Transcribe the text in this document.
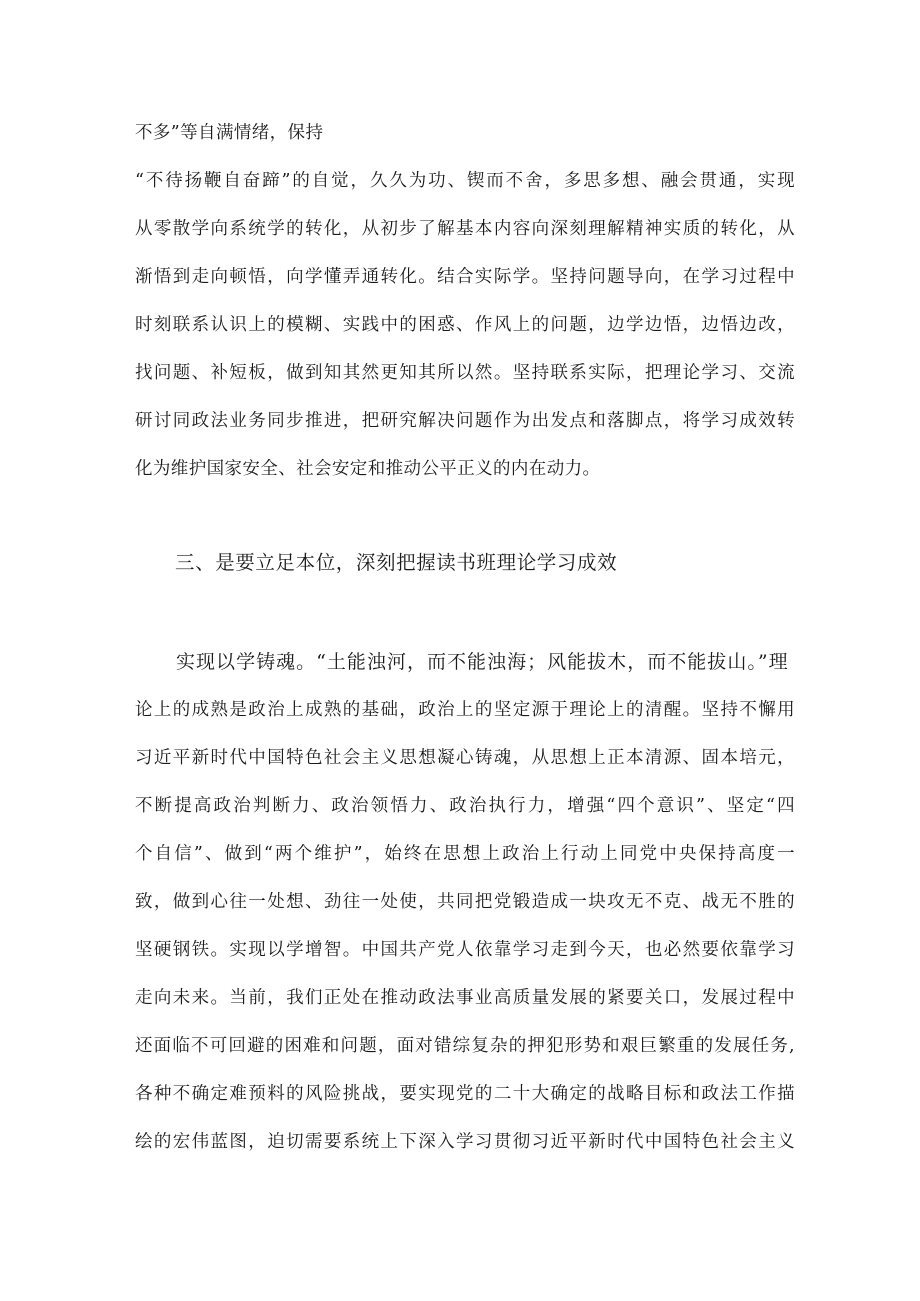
不多”等自满情绪，保持
“不待扬鞭自奋蹄”的自觉，久久为功、锲而不舍，多思多想、融会贯通，实现
从零散学向系统学的转化，从初步了解基本内容向深刻理解精神实质的转化，从
渐悟到走向顿悟，向学懂弄通转化。结合实际学。坚持问题导向，在学习过程中
时刻联系认识上的模糊、实践中的困惑、作风上的问题，边学边悟，边悟边改，
找问题、补短板，做到知其然更知其所以然。坚持联系实际，把理论学习、交流
研讨同政法业务同步推进，把研究解决问题作为出发点和落脚点，将学习成效转
化为维护国家安全、社会安定和推动公平正义的内在动力。
三、是要立足本位，深刻把握读书班理论学习成效
实现以学铸魂。“土能浊河，而不能浊海；风能拔木，而不能拔山。”理
论上的成熟是政治上成熟的基础，政治上的坚定源于理论上的清醒。坚持不懈用
习近平新时代中国特色社会主义思想凝心铸魂，从思想上正本清源、固本培元，
不断提高政治判断力、政治领悟力、政治执行力，增强“四个意识”、坚定“四
个自信”、做到“两个维护”，始终在思想上政治上行动上同党中央保持高度一
致，做到心往一处想、劲往一处使，共同把党锻造成一块攻无不克、战无不胜的
坚硬钢铁。实现以学增智。中国共产党人依靠学习走到今天，也必然要依靠学习
走向未来。当前，我们正处在推动政法事业高质量发展的紧要关口，发展过程中
还面临不可回避的困难和问题，面对错综复杂的押犯形势和艰巨繁重的发展任务,
各种不确定难预料的风险挑战，要实现党的二十大确定的战略目标和政法工作描
绘的宏伟蓝图，迫切需要系统上下深入学习贯彻习近平新时代中国特色社会主义
